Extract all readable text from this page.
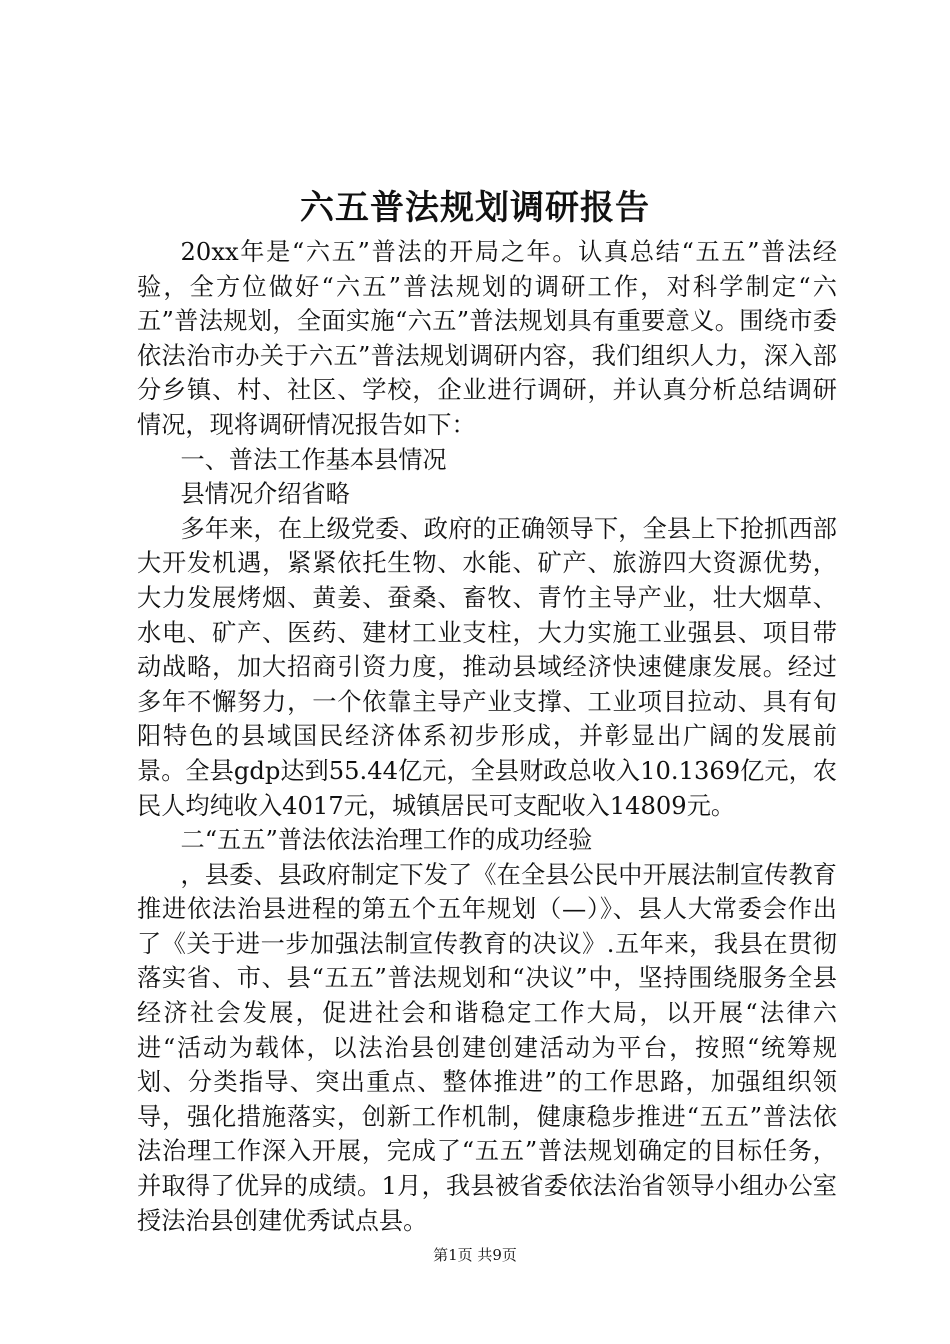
六五普法规划调研报告

20xx年是“六五”普法的开局之年。认真总结“五五”普法经验，全方位做好“六五”普法规划的调研工作，对科学制定“六五”普法规划，全面实施“六五”普法规划具有重要意义。围绕市委依法治市办关于六五”普法规划调研内容，我们组织人力，深入部分乡镇、村、社区、学校，企业进行调研，并认真分析总结调研情况，现将调研情况报告如下：

一、普法工作基本县情况

县情况介绍省略

多年来，在上级党委、政府的正确领导下，全县上下抢抓西部大开发机遇，紧紧依托生物、水能、矿产、旅游四大资源优势，大力发展烤烟、黄姜、蚕桑、畜牧、青竹主导产业，壮大烟草、水电、矿产、医药、建材工业支柱，大力实施工业强县、项目带动战略，加大招商引资力度，推动县域经济快速健康发展。经过多年不懈努力，一个依靠主导产业支撑、工业项目拉动、具有旬阳特色的县域国民经济体系初步形成，并彰显出广阔的发展前景。全县gdp达到55.44亿元，全县财政总收入10.1369亿元，农民人均纯收入4017元，城镇居民可支配收入14809元。

二“五五”普法依法治理工作的成功经验

，县委、县政府制定下发了《在全县公民中开展法制宣传教育推进依法治县进程的第五个五年规划（—）》、县人大常委会作出了《关于进一步加强法制宣传教育的决议》.五年来，我县在贯彻落实省、市、县“五五”普法规划和“决议”中，坚持围绕服务全县经济社会发展，促进社会和谐稳定工作大局，以开展“法律六进“活动为载体，以法治县创建创建活动为平台，按照“统筹规划、分类指导、突出重点、整体推进”的工作思路，加强组织领导，强化措施落实，创新工作机制，健康稳步推进“五五”普法依法治理工作深入开展，完成了“五五”普法规划确定的目标任务，并取得了优异的成绩。1月，我县被省委依法治省领导小组办公室授法治县创建优秀试点县。

第1页 共9页
